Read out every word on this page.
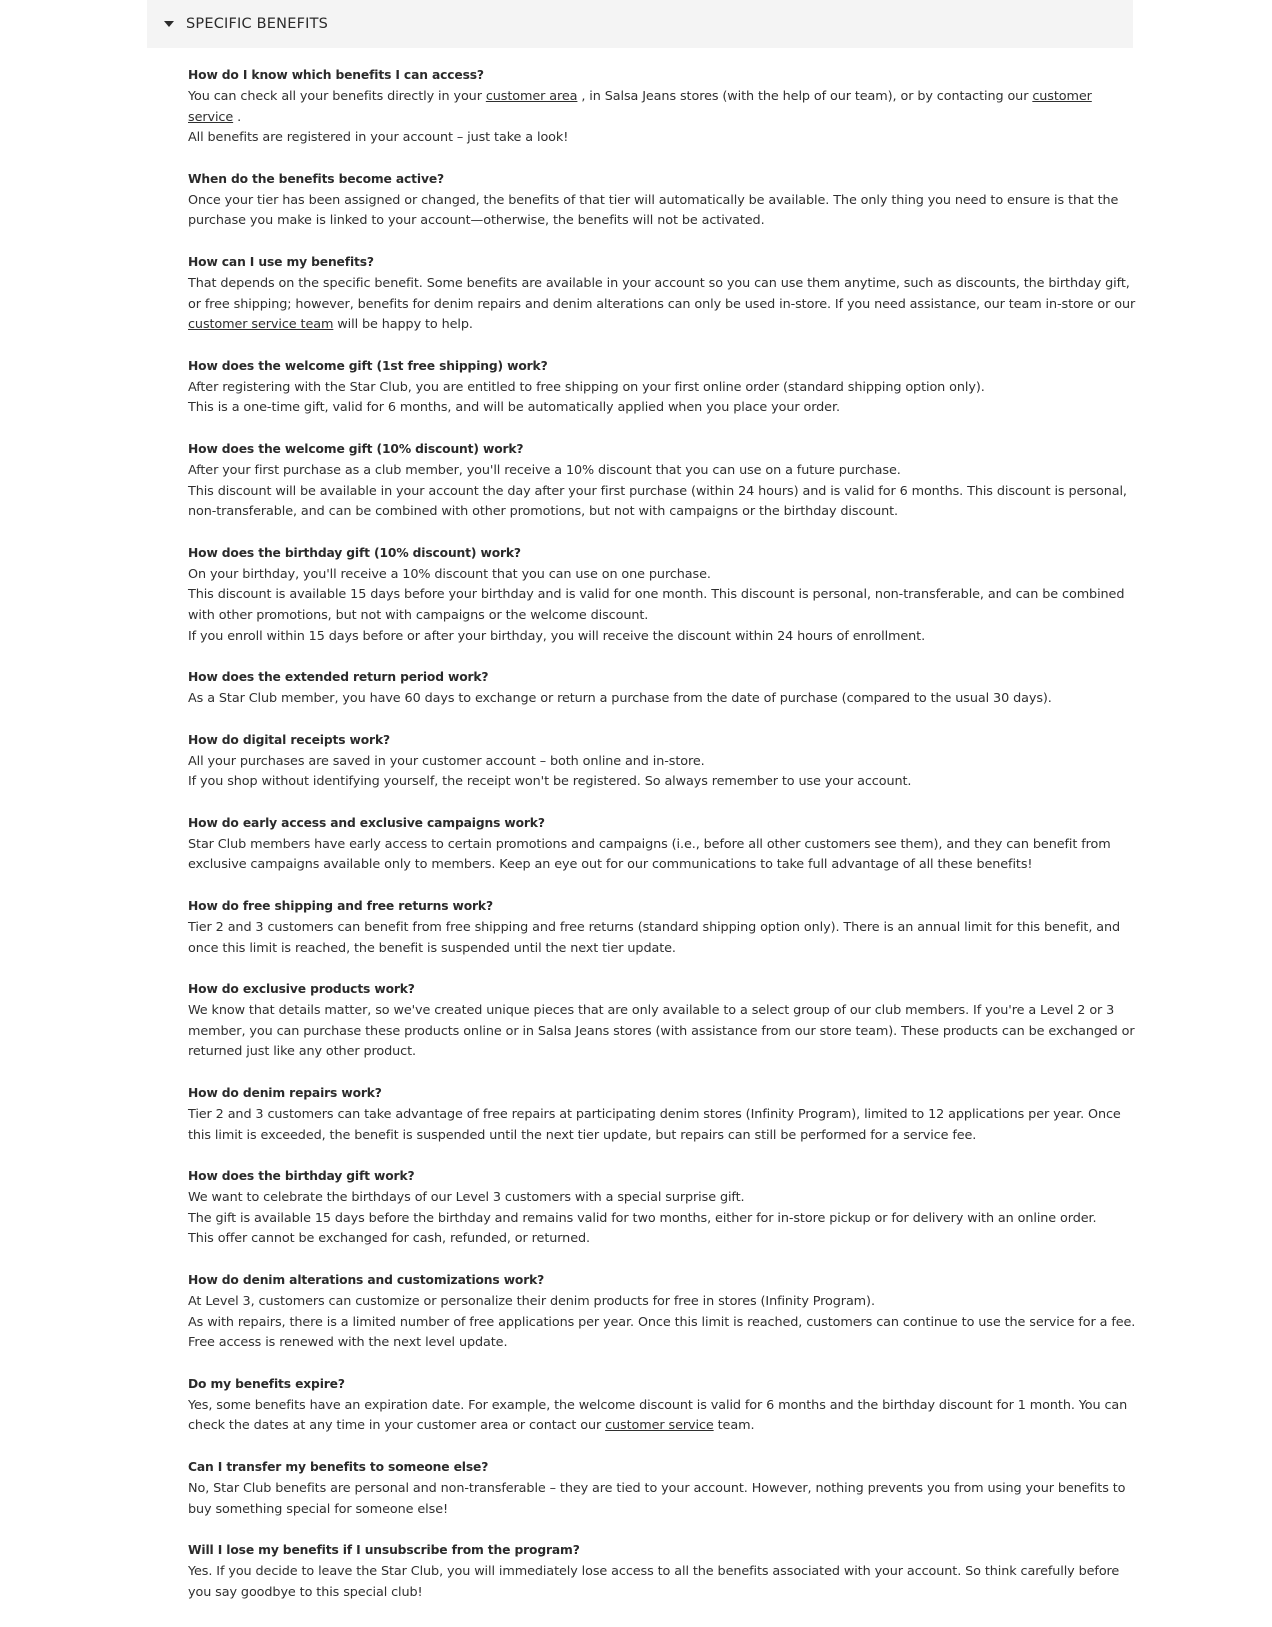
SPECIFIC BENEFITS
How do I know which benefits I can access?

You can check all your benefits directly in your customer area , in Salsa Jeans stores (with the help of our team), or by contacting our customer service .

All benefits are registered in your account – just take a look!

When do the benefits become active?

Once your tier has been assigned or changed, the benefits of that tier will automatically be available. The only thing you need to ensure is that the purchase you make is linked to your account—otherwise, the benefits will not be activated.

How can I use my benefits?

That depends on the specific benefit. Some benefits are available in your account so you can use them anytime, such as discounts, the birthday gift, or free shipping; however, benefits for denim repairs and denim alterations can only be used in-store. If you need assistance, our team in-store or our customer service team will be happy to help.

How does the welcome gift (1st free shipping) work?

After registering with the Star Club, you are entitled to free shipping on your first online order (standard shipping option only).

This is a one-time gift, valid for 6 months, and will be automatically applied when you place your order.

How does the welcome gift (10% discount) work?

After your first purchase as a club member, you'll receive a 10% discount that you can use on a future purchase.

This discount will be available in your account the day after your first purchase (within 24 hours) and is valid for 6 months. This discount is personal, non-transferable, and can be combined with other promotions, but not with campaigns or the birthday discount.

How does the birthday gift (10% discount) work?

On your birthday, you'll receive a 10% discount that you can use on one purchase.

This discount is available 15 days before your birthday and is valid for one month. This discount is personal, non-transferable, and can be combined with other promotions, but not with campaigns or the welcome discount.

If you enroll within 15 days before or after your birthday, you will receive the discount within 24 hours of enrollment.

How does the extended return period work?

As a Star Club member, you have 60 days to exchange or return a purchase from the date of purchase (compared to the usual 30 days).

How do digital receipts work?

All your purchases are saved in your customer account – both online and in-store.

If you shop without identifying yourself, the receipt won't be registered. So always remember to use your account.

How do early access and exclusive campaigns work?

Star Club members have early access to certain promotions and campaigns (i.e., before all other customers see them), and they can benefit from exclusive campaigns available only to members. Keep an eye out for our communications to take full advantage of all these benefits!

How do free shipping and free returns work?

Tier 2 and 3 customers can benefit from free shipping and free returns (standard shipping option only). There is an annual limit for this benefit, and once this limit is reached, the benefit is suspended until the next tier update.

How do exclusive products work?

We know that details matter, so we've created unique pieces that are only available to a select group of our club members. If you're a Level 2 or 3 member, you can purchase these products online or in Salsa Jeans stores (with assistance from our store team). These products can be exchanged or returned just like any other product.

How do denim repairs work?

Tier 2 and 3 customers can take advantage of free repairs at participating denim stores (Infinity Program), limited to 12 applications per year. Once this limit is exceeded, the benefit is suspended until the next tier update, but repairs can still be performed for a service fee.

How does the birthday gift work?

We want to celebrate the birthdays of our Level 3 customers with a special surprise gift.

The gift is available 15 days before the birthday and remains valid for two months, either for in-store pickup or for delivery with an online order.

This offer cannot be exchanged for cash, refunded, or returned.

How do denim alterations and customizations work?

At Level 3, customers can customize or personalize their denim products for free in stores (Infinity Program).

As with repairs, there is a limited number of free applications per year. Once this limit is reached, customers can continue to use the service for a fee.

Free access is renewed with the next level update.

Do my benefits expire?

Yes, some benefits have an expiration date. For example, the welcome discount is valid for 6 months and the birthday discount for 1 month. You can check the dates at any time in your customer area or contact our customer service team.

Can I transfer my benefits to someone else?

No, Star Club benefits are personal and non-transferable – they are tied to your account. However, nothing prevents you from using your benefits to buy something special for someone else!

Will I lose my benefits if I unsubscribe from the program?

Yes. If you decide to leave the Star Club, you will immediately lose access to all the benefits associated with your account. So think carefully before you say goodbye to this special club!
